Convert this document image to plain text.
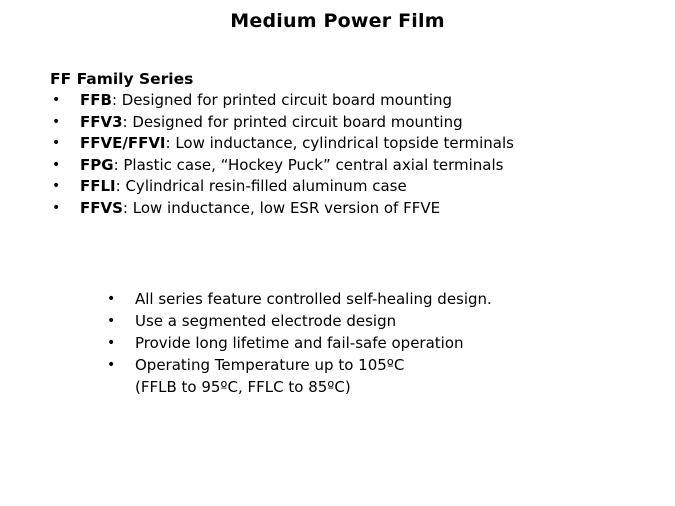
Medium Power Film
FF Family Series
• FFB: Designed for printed circuit board mounting
• FFV3: Designed for printed circuit board mounting
• FFVE/FFVI: Low inductance, cylindrical topside terminals
• FPG: Plastic case, “Hockey Puck” central axial terminals
• FFLI: Cylindrical resin-filled aluminum case
• FFVS: Low inductance, low ESR version of FFVE
• All series feature controlled self-healing design.
• Use a segmented electrode design
• Provide long lifetime and fail-safe operation
• Operating Temperature up to 105ºC
(FFLB to 95ºC, FFLC to 85ºC)
